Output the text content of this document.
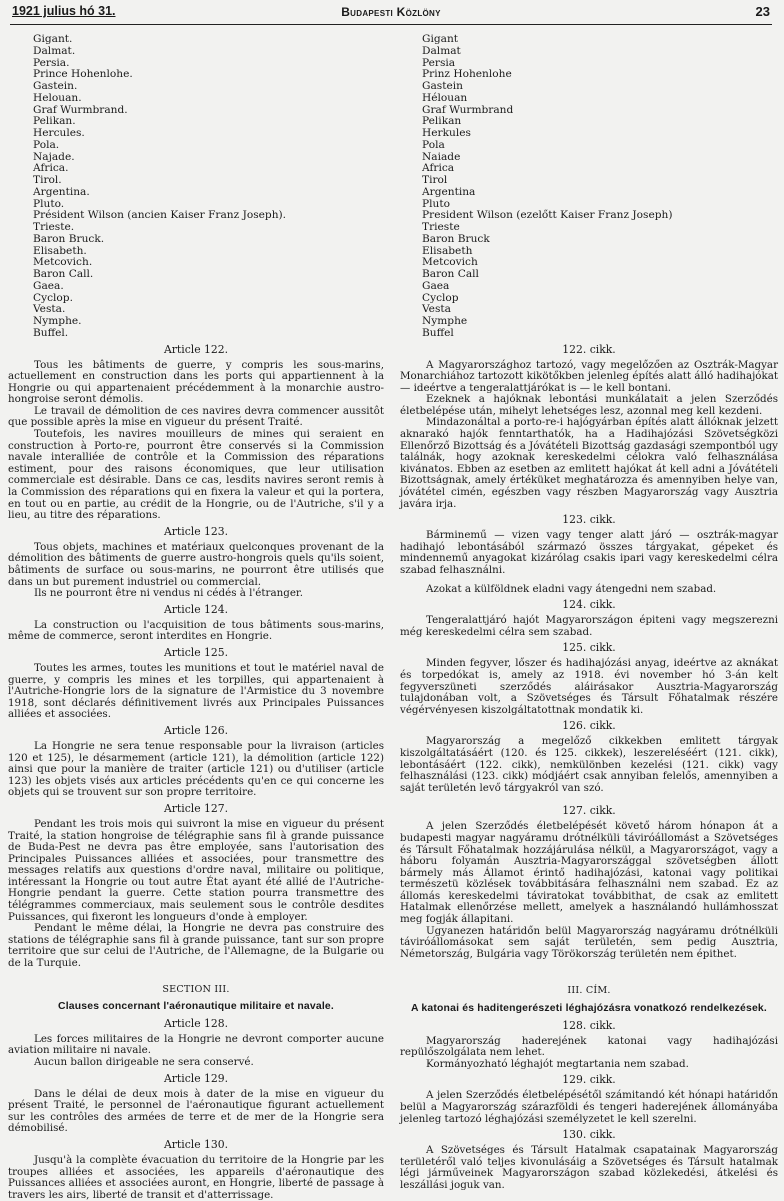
1921 julius hó 31.	Budapesti Közlöny	23
Gigant.
Dalmat.
Persia.
Prince Hohenlohe.
Gastein.
Helouan.
Graf Wurmbrand.
Pelikan.
Hercules.
Pola.
Najade.
Africa.
Tirol.
Argentina.
Pluto.
Président Wilson (ancien Kaiser Franz Joseph).
Trieste.
Baron Bruck.
Elisabeth.
Metcovich.
Baron Call.
Gaea.
Cyclop.
Vesta.
Nymphe.
Buffel.
Article 122.

Tous les bâtiments de guerre, y compris les sous-marins, actuellement en construction dans les ports qui appartiennent à la Hongrie ou qui appartenaient précédemment à la monarchie austro-hongroise seront démolis.

Le travail de démolition de ces navires devra commencer aussitôt que possible après la mise en vigueur du présent Traité.

Toutefois, les navires mouilleurs de mines qui seraient en construction à Porto-re, pourront être conservés si la Commission navale interalliée de contrôle et la Commission des réparations estiment, pour des raisons économiques, que leur utilisation commerciale est désirable. Dans ce cas, lesdits navires seront remis à la Commission des réparations qui en fixera la valeur et qui la portera, en tout ou en partie, au crédit de la Hongrie, ou de l'Autriche, s'il y a lieu, au titre des réparations.

Article 123.

Tous objets, machines et matériaux quelconques provenant de la démolition des bâtiments de guerre austro-hongrois quels qu'ils soient, bâtiments de surface ou sous-marins, ne pourront être utilisés que dans un but purement industriel ou commercial.

Ils ne pourront être ni vendus ni cédés à l'étranger.

Article 124.

La construction ou l'acquisition de tous bâtiments sous-marins, même de commerce, seront interdites en Hongrie.

Article 125.

Toutes les armes, toutes les munitions et tout le matériel naval de guerre, y compris les mines et les torpilles, qui appartenaient à l'Autriche-Hongrie lors de la signature de l'Armistice du 3 novembre 1918, sont déclarés définitivement livrés aux Principales Puissances alliées et associées.

Article 126.

La Hongrie ne sera tenue responsable pour la livraison (articles 120 et 125), le désarmement (article 121), la démolition (article 122) ainsi que pour la manière de traiter (article 121) ou d'utiliser (article 123) les objets visés aux articles précédents qu'en ce qui concerne les objets qui se trouvent sur son propre territoire.

Article 127.

Pendant les trois mois qui suivront la mise en vigueur du présent Traité, la station hongroise de télégraphie sans fil à grande puissance de Buda-Pest ne devra pas être employée, sans l'autorisation des Principales Puissances alliées et associées, pour transmettre des messages relatifs aux questions d'ordre naval, militaire ou politique, intéressant la Hongrie ou tout autre État ayant été allié de l'Autriche-Hongrie pendant la guerre. Cette station pourra transmettre des télégrammes commerciaux, mais seulement sous le contrôle desdites Puissances, qui fixeront les longueurs d'onde à employer.

Pendant le même délai, la Hongrie ne devra pas construire des stations de télégraphie sans fil à grande puissance, tant sur son propre territoire que sur celui de l'Autriche, de l'Allemagne, de la Bulgarie ou de la Turquie.

SECTION III.
Clauses concernant l'aéronautique militaire et navale.
Article 128.

Les forces militaires de la Hongrie ne devront comporter aucune aviation militaire ni navale.

Aucun ballon dirigeable ne sera conservé.

Article 129.

Dans le délai de deux mois à dater de la mise en vigueur du présent Traité, le personnel de l'aéronautique figurant actuellement sur les contrôles des armées de terre et de mer de la Hongrie sera démobilisé.

Article 130.

Jusqu'à la complète évacuation du territoire de la Hongrie par les troupes alliées et associées, les appareils d'aéronautique des Puissances alliées et associées auront, en Hongrie, liberté de passage à travers les airs, liberté de transit et d'atterrissage.

Gigant
Dalmat
Persia
Prinz Hohenlohe
Gastein
Hélouan
Graf Wurmbrand
Pelikan
Herkules
Pola
Naiade
Africa
Tirol
Argentina
Pluto
President Wilson (ezelőtt Kaiser Franz Joseph)
Trieste
Baron Bruck
Elisabeth
Metcovich
Baron Call
Gaea
Cyclop
Vesta
Nymphe
Buffel
122. cikk.

A Magyarországhoz tartozó, vagy megelőzően az Osztrák-Magyar Monarchiához tartozott kikötőkben jelenleg építés alatt álló hadihajókat — ideértve a tengeralattjárókat is — le kell bontani.

Ezeknek a hajóknak lebontási munkálatait a jelen Szerződés életbelépése után, mihelyt lehetséges lesz, azonnal meg kell kezdeni.

Mindazonáltal a porto-re-i hajógyárban építés alatt állóknak jelzett aknarakó hajók fenntarthatók, ha a Hadihajózási Szövetségközi Ellenőrző Bizottság és a Jóvátételi Bizottság gazdasági szempontból ugy találnák, hogy azoknak kereskedelmi célokra való felhasználása kivánatos. Ebben az esetben az emlitett hajókat át kell adni a Jóvátételi Bizottságnak, amely értéküket meghatározza és amennyiben helye van, jóvátétel cimén, egészben vagy részben Magyarország vagy Ausztria javára irja.

123. cikk.

Bárminemű — vizen vagy tenger alatt járó — osztrák-magyar hadihajó lebontásából származó összes tárgyakat, gépeket és mindennemű anyagokat kizárólag csakis ipari vagy kereskedelmi célra szabad felhasználni.

Azokat a külföldnek eladni vagy átengedni nem szabad.

124. cikk.

Tengeralattjáró hajót Magyarországon épiteni vagy megszerezni még kereskedelmi célra sem szabad.

125. cikk.

Minden fegyver, lőszer és hadihajózási anyag, ideértve az aknákat és torpedókat is, amely az 1918. évi november hó 3-án kelt fegyverszüneti szerződés aláirásakor Ausztria-Magyarország tulajdonában volt, a Szövetséges és Társult Főhatalmak részére végérvényesen kiszolgáltatottnak mondatik ki.

126. cikk.

Magyarország a megelőző cikkekben emlitett tárgyak kiszolgáltatásáért (120. és 125. cikkek), leszereléséért (121. cikk), lebontásáért (122. cikk), nemkülönben kezelési (121. cikk) vagy felhasználási (123. cikk) módjáért csak annyiban felelős, amennyiben a saját területén levő tárgyakról van szó.

127. cikk.

A jelen Szerződés életbelépését követő három hónapon át a budapesti magyar nagyáramu drótnélküli táviróállomást a Szövetséges és Társult Főhatalmak hozzájárulása nélkül, a Magyarországot, vagy a háboru folyamán Ausztria-Magyarországgal szövetségben állott bármely más Államot érintő hadihajózási, katonai vagy politikai természetü közlések továbbitására felhasználni nem szabad. Ez az állomás kereskedelmi táviratokat továbbithat, de csak az emlitett Hatalmak ellenőrzése mellett, amelyek a használandó hullámhosszat meg fogják állapitani.

Ugyanezen határidőn belül Magyarország nagyáramu drótnélküli táviróállomásokat sem saját területén, sem pedig Ausztria, Németország, Bulgária vagy Törökország területén nem épithet.

III. CÍM.
A katonai és haditengerészeti léghajózásra vonatkozó rendelkezések.
128. cikk.

Magyarország haderejének katonai vagy hadihajózási repülőszolgálata nem lehet.

Kormányozható léghajót megtartania nem szabad.

129. cikk.

A jelen Szerződés életbelépésétől számitandó két hónapi határidőn belül a Magyarország szárazföldi és tengeri haderejének állományába jelenleg tartozó léghajózási személyzetet le kell szerelni.

130. cikk.

A Szövetséges és Társult Hatalmak csapatainak Magyarország területéről való teljes kivonulásáig a Szövetséges és Társult hatalmak légi járműveinek Magyarországon szabad közlekedési, átkelési és leszállási joguk van.
